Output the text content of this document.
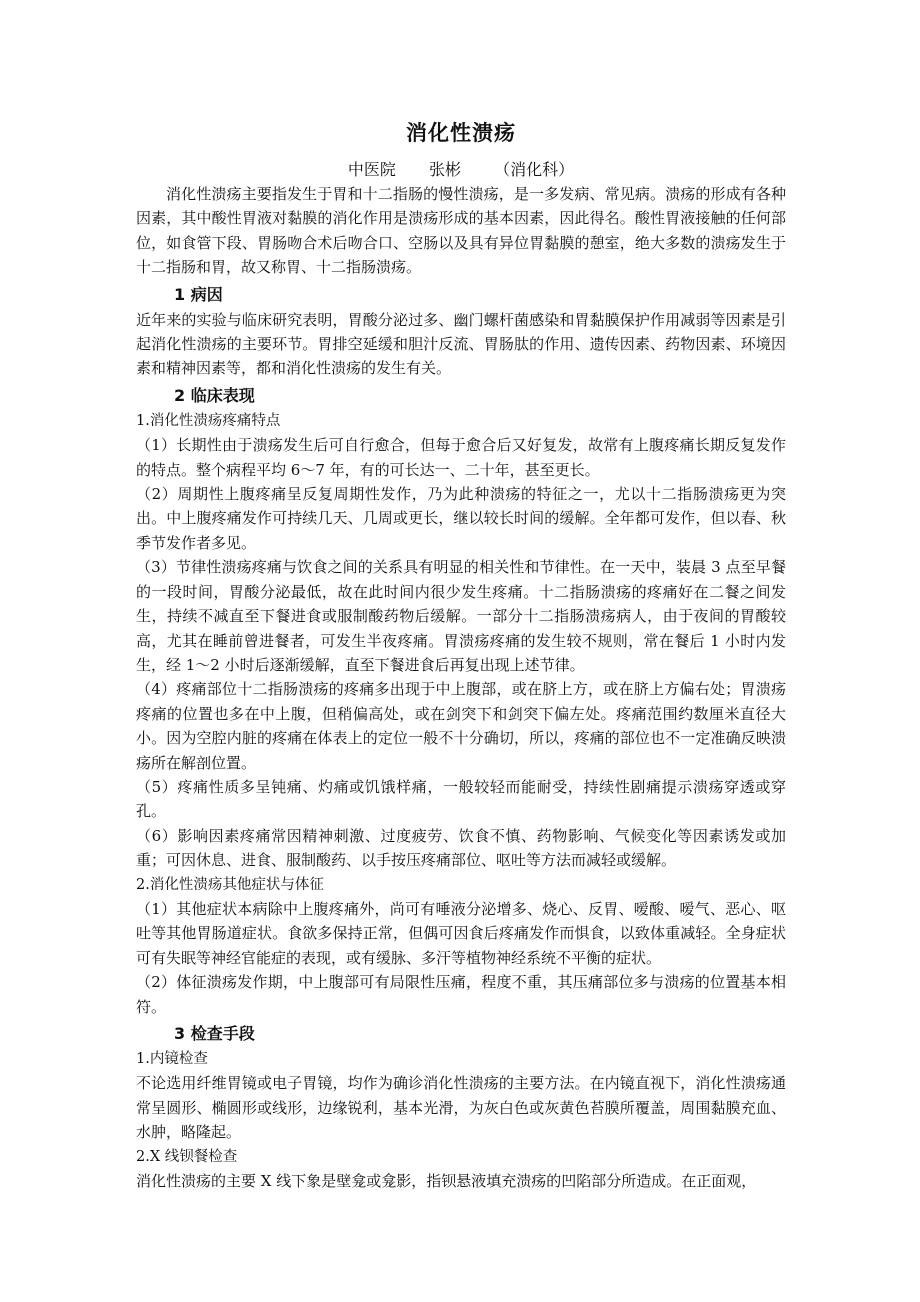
消化性溃疡
中医院 张彬 （消化科）

消化性溃疡主要指发生于胃和十二指肠的慢性溃疡，是一多发病、常见病。溃疡的形成有各种因素，其中酸性胃液对黏膜的消化作用是溃疡形成的基本因素，因此得名。酸性胃液接触的任何部位，如食管下段、胃肠吻合术后吻合口、空肠以及具有异位胃黏膜的憩室，绝大多数的溃疡发生于十二指肠和胃，故又称胃、十二指肠溃疡。

1 病因

近年来的实验与临床研究表明，胃酸分泌过多、幽门螺杆菌感染和胃黏膜保护作用减弱等因素是引起消化性溃疡的主要环节。胃排空延缓和胆汁反流、胃肠肽的作用、遗传因素、药物因素、环境因素和精神因素等，都和消化性溃疡的发生有关。

2 临床表现
1.消化性溃疡疼痛特点

（1）长期性由于溃疡发生后可自行愈合，但每于愈合后又好复发，故常有上腹疼痛长期反复发作的特点。整个病程平均 6～7 年，有的可长达一、二十年，甚至更长。

（2）周期性上腹疼痛呈反复周期性发作，乃为此种溃疡的特征之一，尤以十二指肠溃疡更为突出。中上腹疼痛发作可持续几天、几周或更长，继以较长时间的缓解。全年都可发作，但以春、秋季节发作者多见。

（3）节律性溃疡疼痛与饮食之间的关系具有明显的相关性和节律性。在一天中，装晨 3 点至早餐的一段时间，胃酸分泌最低，故在此时间内很少发生疼痛。十二指肠溃疡的疼痛好在二餐之间发生，持续不减直至下餐进食或服制酸药物后缓解。一部分十二指肠溃疡病人，由于夜间的胃酸较高，尤其在睡前曾进餐者，可发生半夜疼痛。胃溃疡疼痛的发生较不规则，常在餐后 1 小时内发生，经 1～2 小时后逐渐缓解，直至下餐进食后再复出现上述节律。

（4）疼痛部位十二指肠溃疡的疼痛多出现于中上腹部，或在脐上方，或在脐上方偏右处；胃溃疡疼痛的位置也多在中上腹，但稍偏高处，或在剑突下和剑突下偏左处。疼痛范围约数厘米直径大小。因为空腔内脏的疼痛在体表上的定位一般不十分确切，所以，疼痛的部位也不一定准确反映溃疡所在解剖位置。

（5）疼痛性质多呈钝痛、灼痛或饥饿样痛，一般较轻而能耐受，持续性剧痛提示溃疡穿透或穿孔。

（6）影响因素疼痛常因精神刺激、过度疲劳、饮食不慎、药物影响、气候变化等因素诱发或加重；可因休息、进食、服制酸药、以手按压疼痛部位、呕吐等方法而减轻或缓解。

2.消化性溃疡其他症状与体征

（1）其他症状本病除中上腹疼痛外，尚可有唾液分泌增多、烧心、反胃、嗳酸、嗳气、恶心、呕吐等其他胃肠道症状。食欲多保持正常，但偶可因食后疼痛发作而惧食，以致体重减轻。全身症状可有失眠等神经官能症的表现，或有缓脉、多汗等植物神经系统不平衡的症状。

（2）体征溃疡发作期，中上腹部可有局限性压痛，程度不重，其压痛部位多与溃疡的位置基本相符。

3 检查手段
1.内镜检查

不论选用纤维胃镜或电子胃镜，均作为确诊消化性溃疡的主要方法。在内镜直视下，消化性溃疡通常呈圆形、椭圆形或线形，边缘锐利，基本光滑，为灰白色或灰黄色苔膜所覆盖，周围黏膜充血、水肿，略隆起。

2.X 线钡餐检查

消化性溃疡的主要 X 线下象是壁龛或龛影，指钡悬液填充溃疡的凹陷部分所造成。在正面观，
